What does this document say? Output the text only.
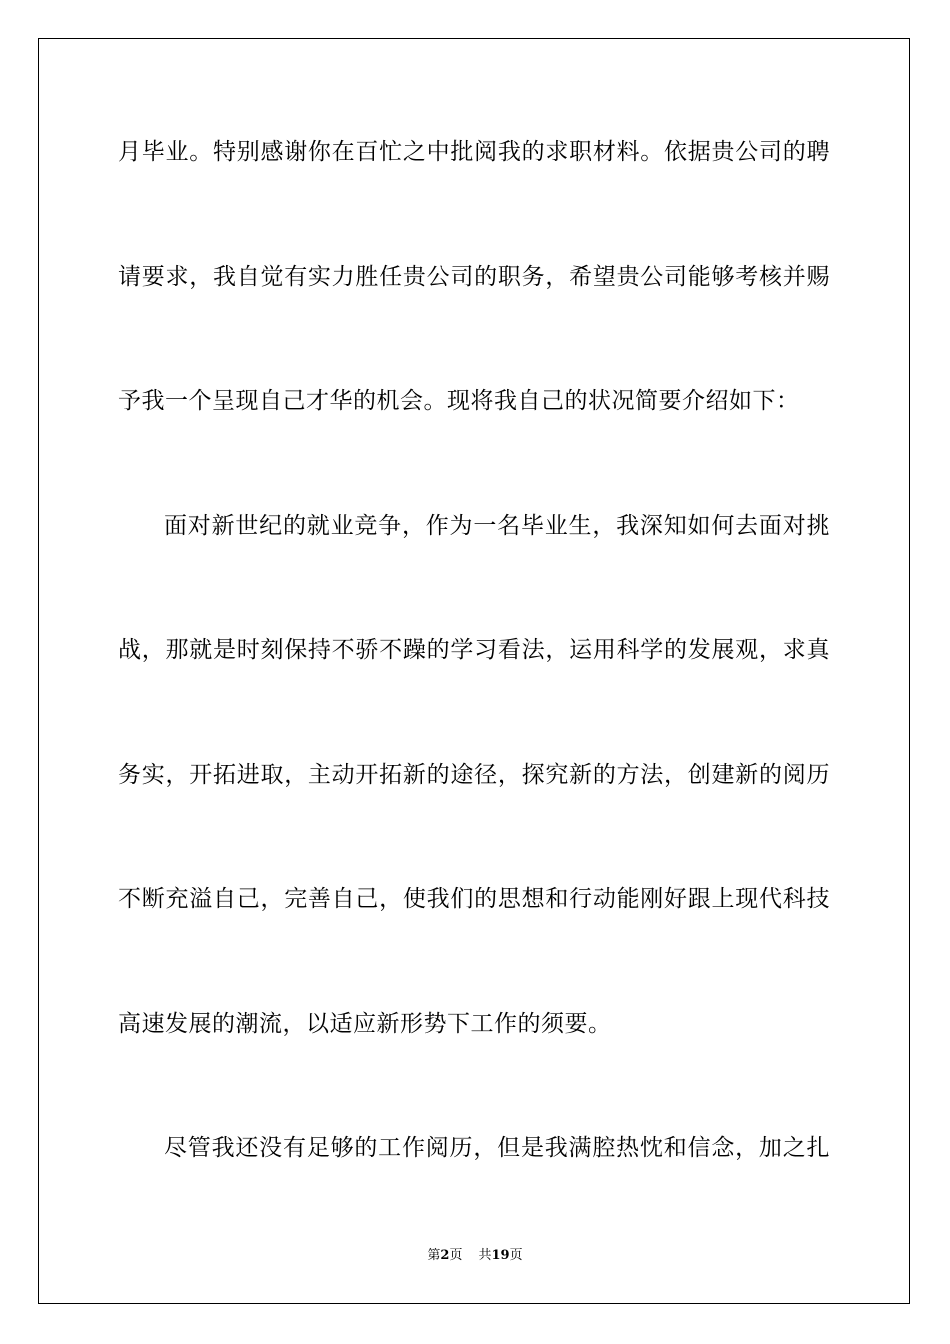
月毕业。特别感谢你在百忙之中批阅我的求职材料。依据贵公司的聘
请要求，我自觉有实力胜任贵公司的职务，希望贵公司能够考核并赐
予我一个呈现自己才华的机会。现将我自己的状况简要介绍如下：
面对新世纪的就业竞争，作为一名毕业生，我深知如何去面对挑
战，那就是时刻保持不骄不躁的学习看法，运用科学的发展观，求真
务实，开拓进取，主动开拓新的途径，探究新的方法，创建新的阅历
不断充溢自己，完善自己，使我们的思想和行动能刚好跟上现代科技
高速发展的潮流，以适应新形势下工作的须要。
尽管我还没有足够的工作阅历，但是我满腔热忱和信念，加之扎
第2页 共19页
